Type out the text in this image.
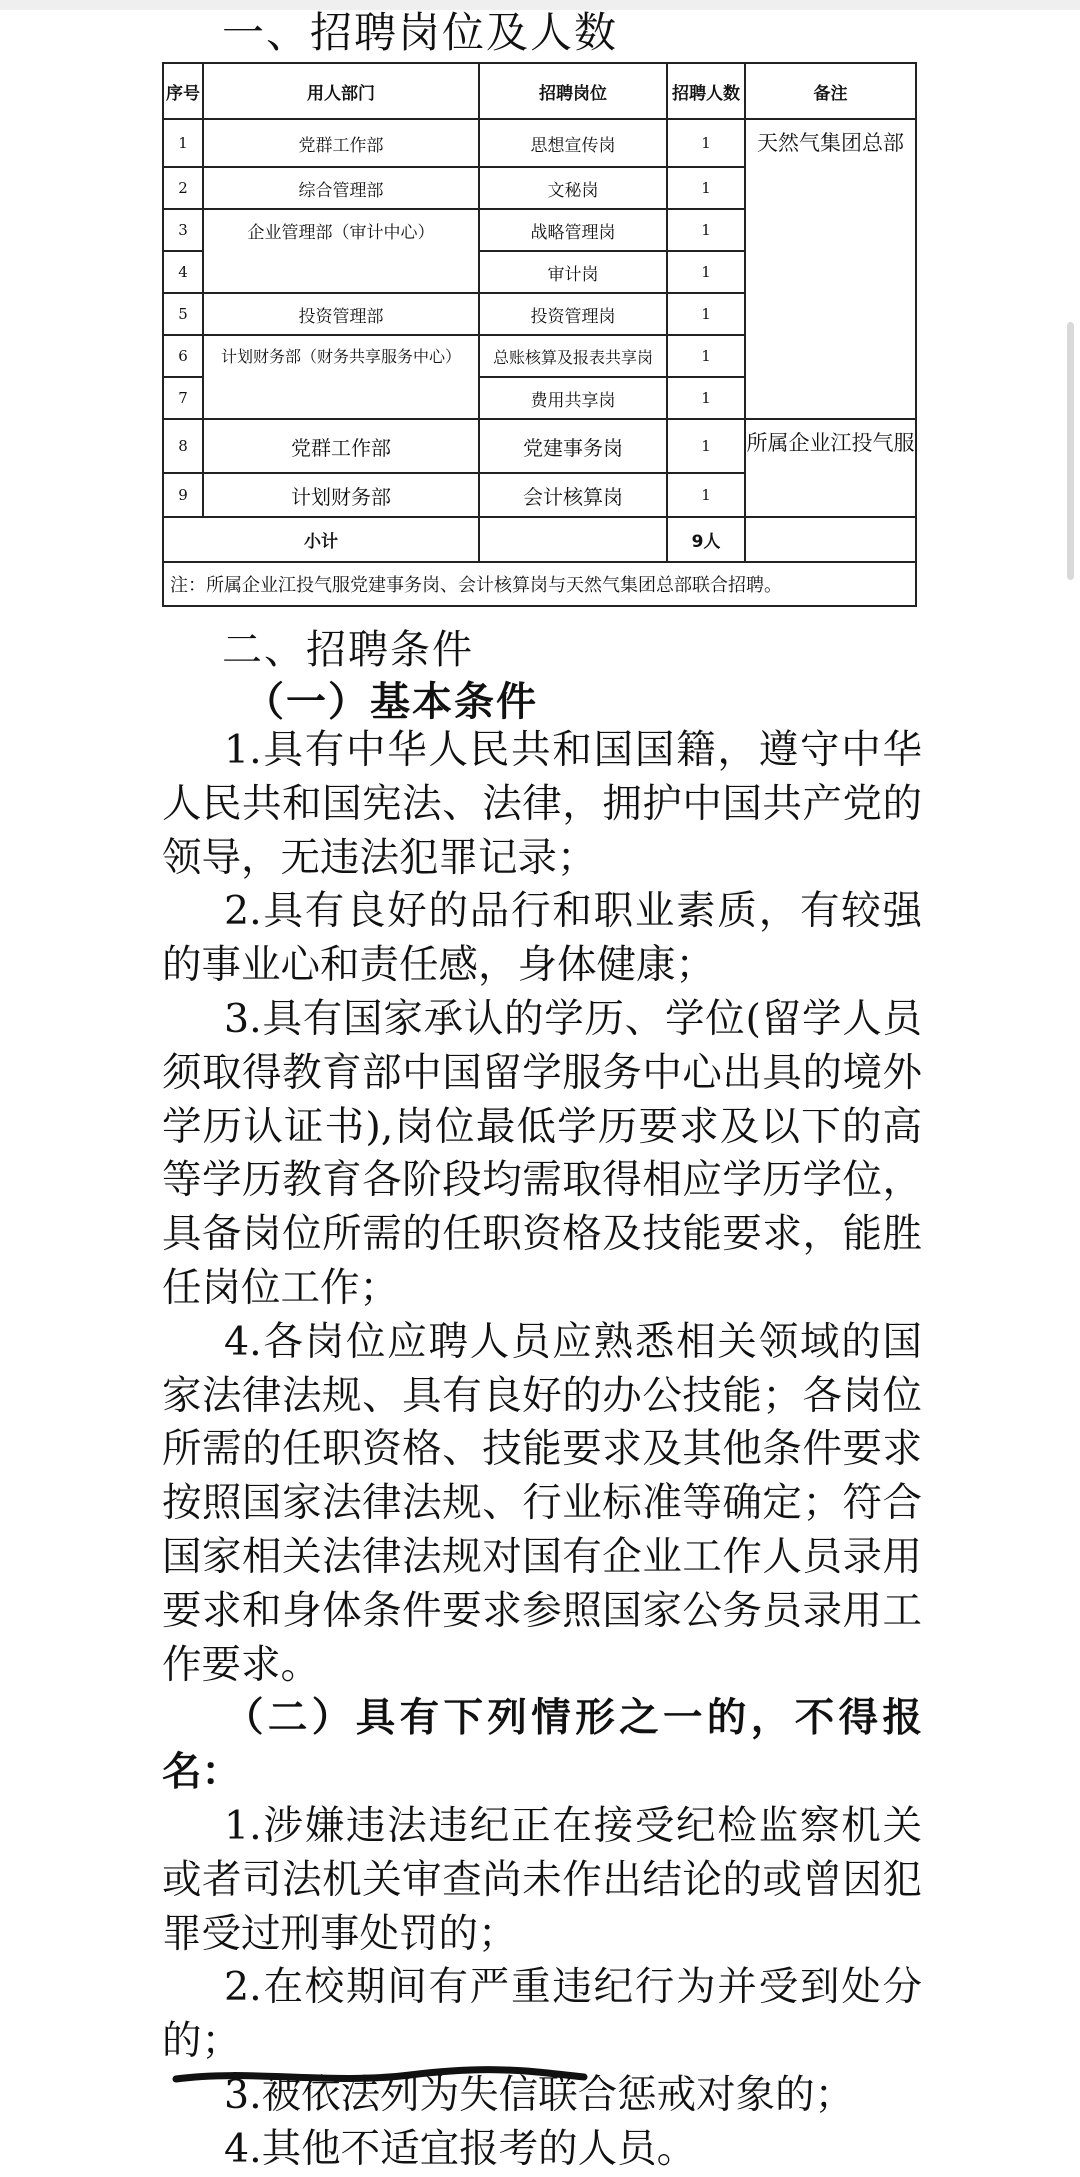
一、招聘岗位及人数
序号	用人部门	招聘岗位	招聘人数	备注
1	党群工作部	思想宣传岗	1	天然气集团总部
2	综合管理部	文秘岗	1	
3	企业管理部（审计中心）	战略管理岗	1	
4		审计岗	1	
5	投资管理部	投资管理岗	1	
6	计划财务部（财务共享服务中心）	总账核算及报表共享岗	1	
7		费用共享岗	1	
8	党群工作部	党建事务岗	1	所属企业江投气服
9	计划财务部	会计核算岗	1	
小计			9人	
注：所属企业江投气服党建事务岗、会计核算岗与天然气集团总部联合招聘。				
二、招聘条件
（一）基本条件

1.具有中华人民共和国国籍，遵守中华人民共和国宪法、法律，拥护中国共产党的领导，无违法犯罪记录；

2.具有良好的品行和职业素质，有较强的事业心和责任感，身体健康；

3.具有国家承认的学历、学位(留学人员须取得教育部中国留学服务中心出具的境外学历认证书),岗位最低学历要求及以下的高等学历教育各阶段均需取得相应学历学位，具备岗位所需的任职资格及技能要求，能胜任岗位工作；

4.各岗位应聘人员应熟悉相关领域的国家法律法规、具有良好的办公技能；各岗位所需的任职资格、技能要求及其他条件要求按照国家法律法规、行业标准等确定；符合国家相关法律法规对国有企业工作人员录用要求和身体条件要求参照国家公务员录用工作要求。

（二）具有下列情形之一的，不得报名：

1.涉嫌违法违纪正在接受纪检监察机关或者司法机关审查尚未作出结论的或曾因犯罪受过刑事处罚的；

2.在校期间有严重违纪行为并受到处分的；

3.被依法列为失信联合惩戒对象的；

4.其他不适宜报考的人员。
